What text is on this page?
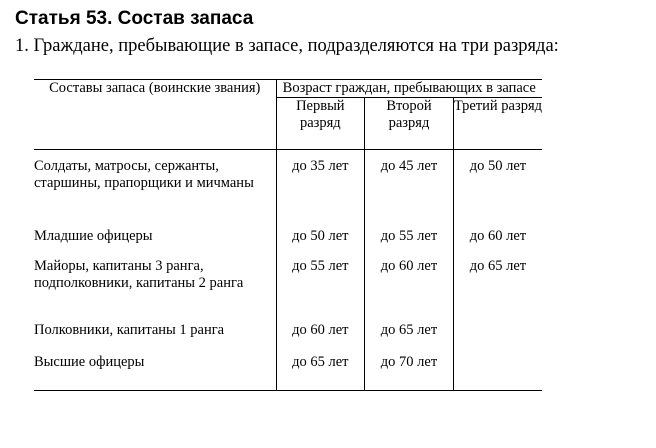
Статья 53. Состав запаса

1. Граждане, пребывающие в запасе, подразделяются на три разряда:

Составы запаса (воинские звания)	Возраст граждан, пребывающих в запасе		
	Первый разряд	Второй разряд	Третий разряд
Солдаты, матросы, сержанты, старшины, прапорщики и мичманы	до 35 лет	до 45 лет	до 50 лет
Младшие офицеры	до 50 лет	до 55 лет	до 60 лет
Майоры, капитаны 3 ранга, подполковники, капитаны 2 ранга	до 55 лет	до 60 лет	до 65 лет
Полковники, капитаны 1 ранга	до 60 лет	до 65 лет	
Высшие офицеры	до 65 лет	до 70 лет	
